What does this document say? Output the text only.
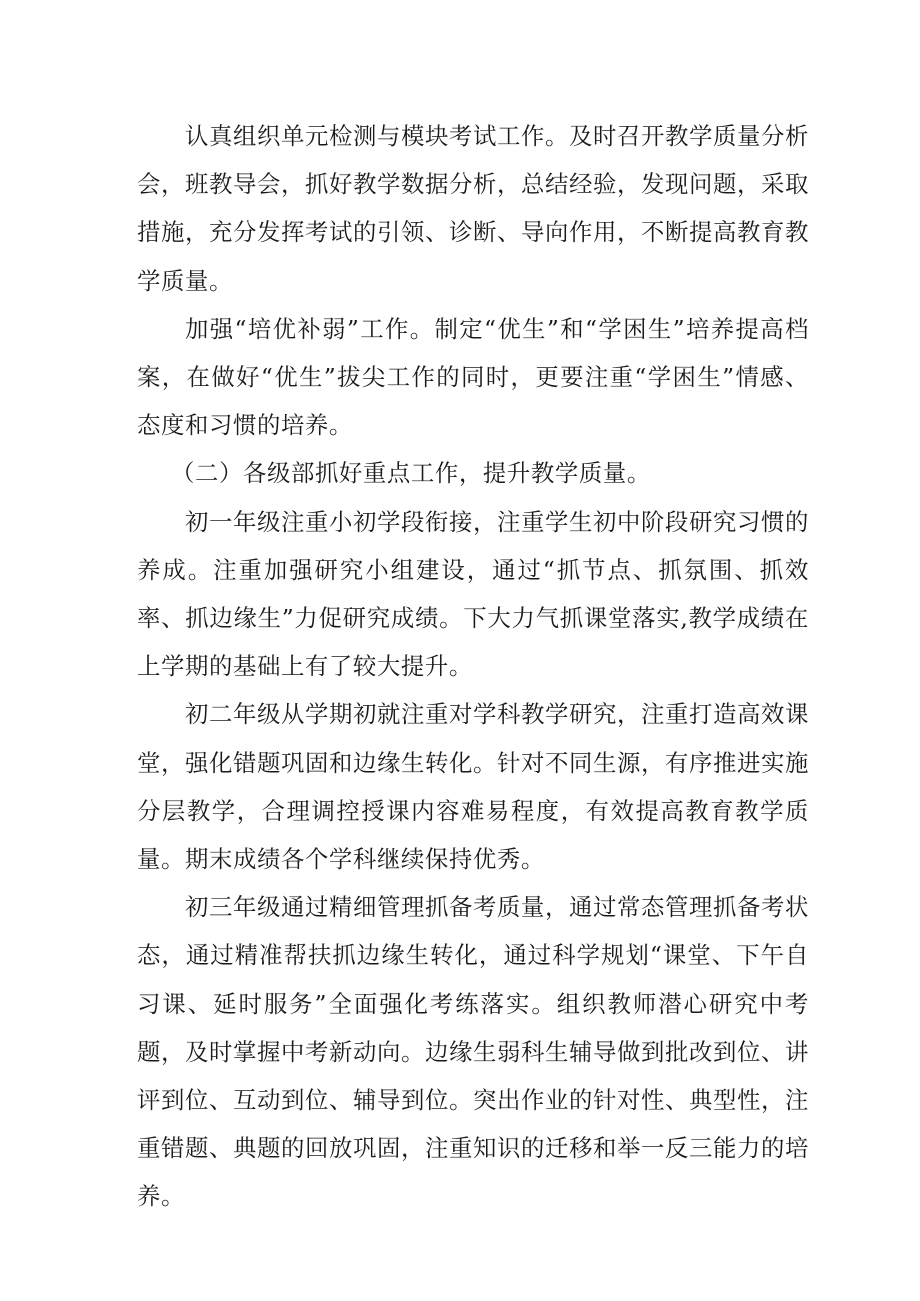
认真组织单元检测与模块考试工作。及时召开教学质量分析会，班教导会，抓好教学数据分析，总结经验，发现问题，采取措施，充分发挥考试的引领、诊断、导向作用，不断提高教育教学质量。

加强“培优补弱”工作。制定“优生”和“学困生”培养提高档案，在做好“优生”拔尖工作的同时，更要注重“学困生”情感、态度和习惯的培养。

（二）各级部抓好重点工作，提升教学质量。

初一年级注重小初学段衔接，注重学生初中阶段研究习惯的养成。注重加强研究小组建设，通过“抓节点、抓氛围、抓效率、抓边缘生”力促研究成绩。下大力气抓课堂落实,教学成绩在上学期的基础上有了较大提升。

初二年级从学期初就注重对学科教学研究，注重打造高效课堂，强化错题巩固和边缘生转化。针对不同生源，有序推进实施分层教学，合理调控授课内容难易程度，有效提高教育教学质量。期末成绩各个学科继续保持优秀。

初三年级通过精细管理抓备考质量，通过常态管理抓备考状态，通过精准帮扶抓边缘生转化，通过科学规划“课堂、下午自习课、延时服务”全面强化考练落实。组织教师潜心研究中考题，及时掌握中考新动向。边缘生弱科生辅导做到批改到位、讲评到位、互动到位、辅导到位。突出作业的针对性、典型性，注重错题、典题的回放巩固，注重知识的迁移和举一反三能力的培养。
